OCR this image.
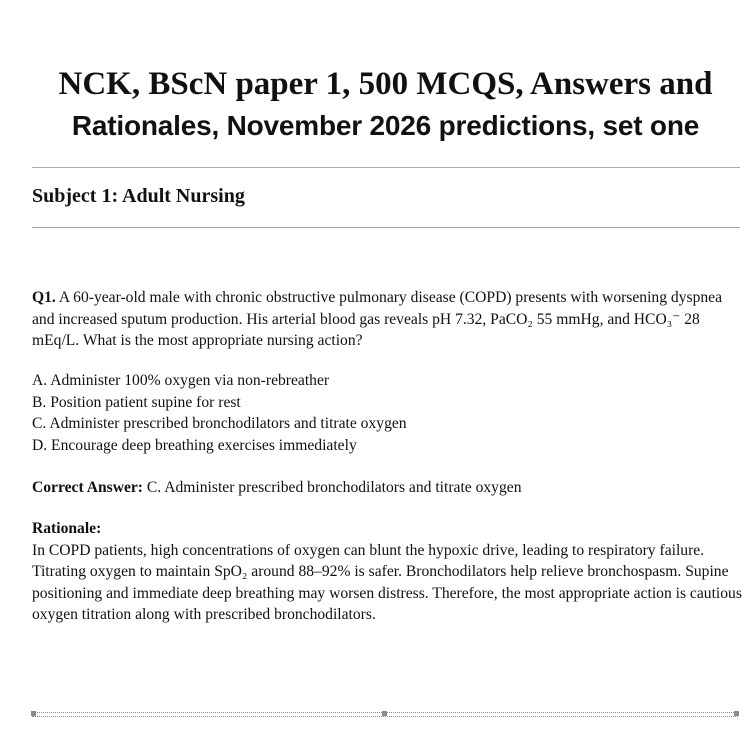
NCK, BScN paper 1, 500 MCQS, Answers and
Rationales, November 2026 predictions, set one
Subject 1: Adult Nursing

Q1. A 60-year-old male with chronic obstructive pulmonary disease (COPD) presents with worsening dyspnea and increased sputum production. His arterial blood gas reveals pH 7.32, PaCO₂ 55 mmHg, and HCO₃⁻ 28 mEq/L. What is the most appropriate nursing action?

A. Administer 100% oxygen via non-rebreather
B. Position patient supine for rest
C. Administer prescribed bronchodilators and titrate oxygen
D. Encourage deep breathing exercises immediately

Correct Answer: C. Administer prescribed bronchodilators and titrate oxygen

Rationale:
In COPD patients, high concentrations of oxygen can blunt the hypoxic drive, leading to respiratory failure. Titrating oxygen to maintain SpO₂ around 88–92% is safer. Bronchodilators help relieve bronchospasm. Supine positioning and immediate deep breathing may worsen distress. Therefore, the most appropriate action is cautious oxygen titration along with prescribed bronchodilators.
